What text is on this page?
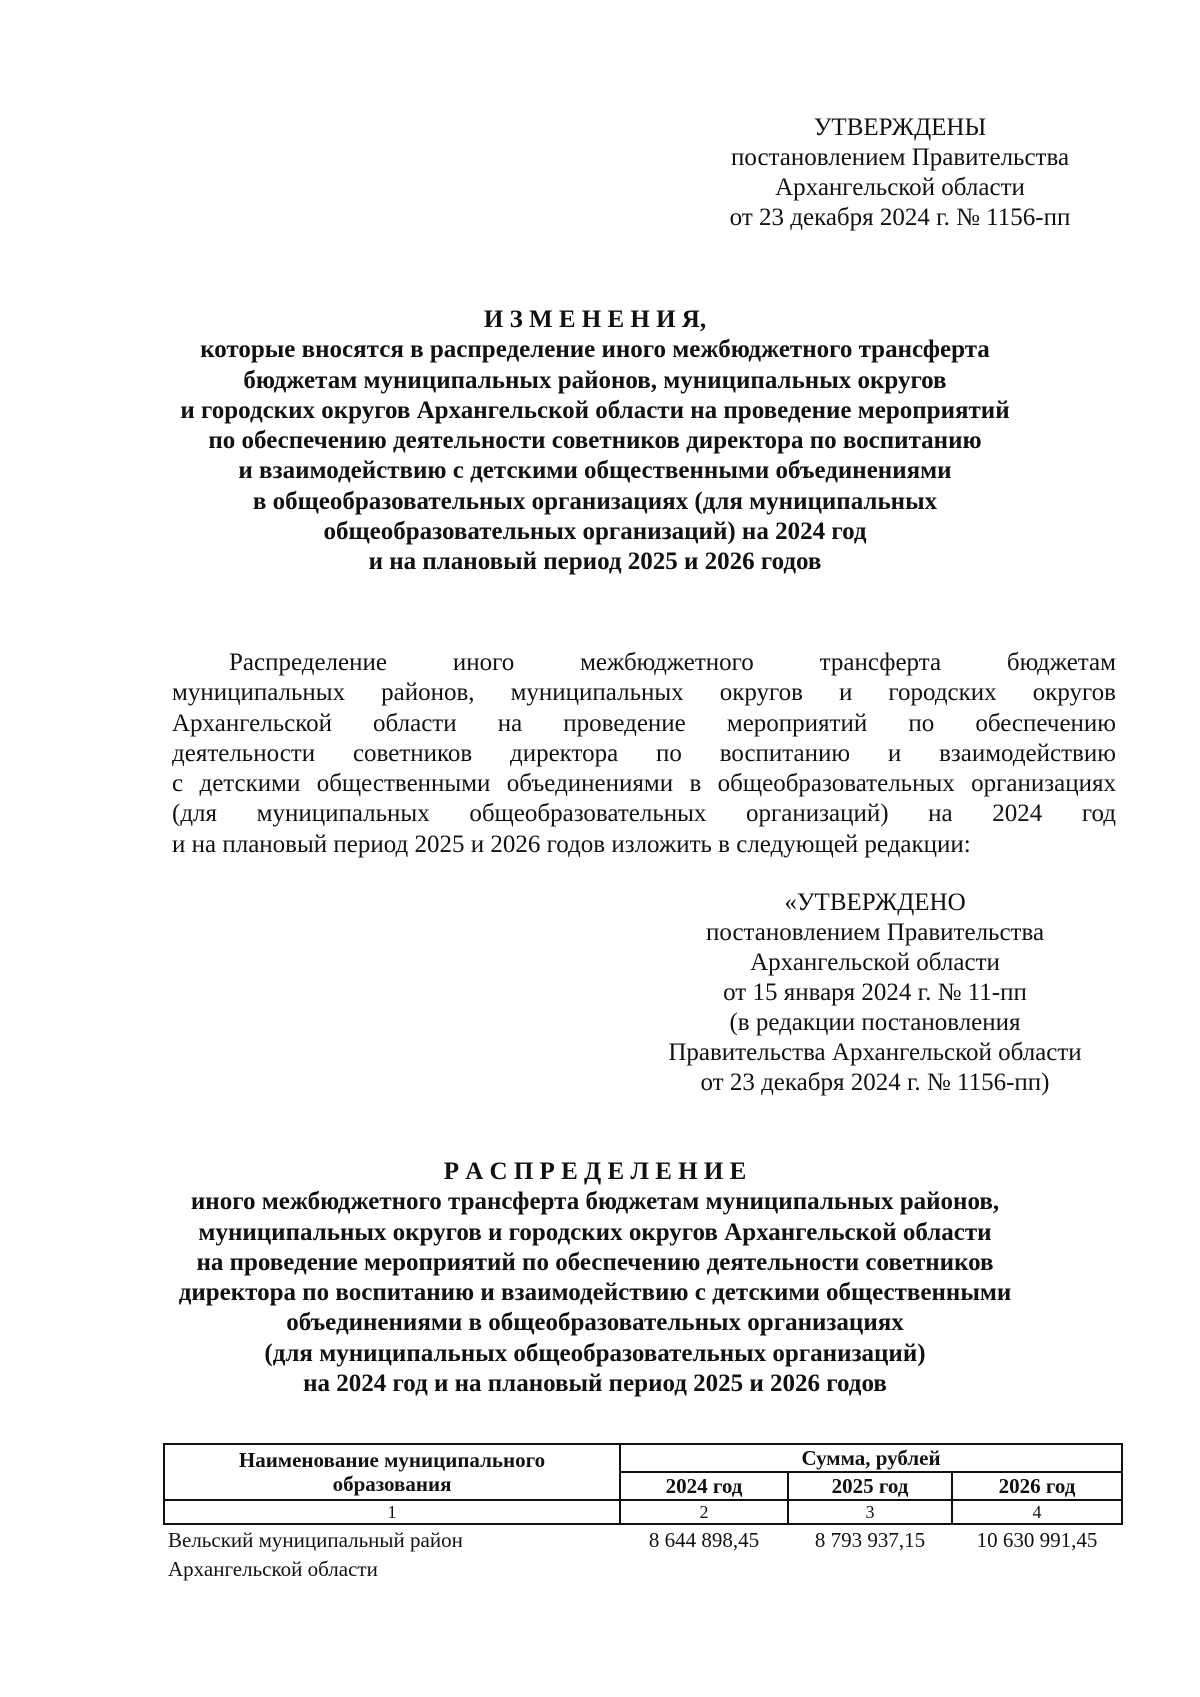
УТВЕРЖДЕНЫ
постановлением Правительства
Архангельской области
от 23 декабря 2024 г. № 1156-пп
И З М Е Н Е Н И Я,
которые вносятся в распределение иного межбюджетного трансферта
бюджетам муниципальных районов, муниципальных округов
и городских округов Архангельской области на проведение мероприятий
по обеспечению деятельности советников директора по воспитанию
и взаимодействию с детскими общественными объединениями
в общеобразовательных организациях (для муниципальных
общеобразовательных организаций) на 2024 год
и на плановый период 2025 и 2026 годов
Распределение	иного	межбюджетного	трансферта	бюджетам
муниципальных районов, муниципальных округов и городских округов
Архангельской области на проведение мероприятий по обеспечению
деятельности советников директора по воспитанию и взаимодействию
с детскими общественными объединениями в общеобразовательных организациях
(для муниципальных общеобразовательных организаций) на 2024 год
и на плановый период 2025 и 2026 годов изложить в следующей редакции:
«УТВЕРЖДЕНО
постановлением Правительства
Архангельской области
от 15 января 2024 г. № 11-пп
(в редакции постановления
Правительства Архангельской области
от 23 декабря 2024 г. № 1156-пп)
Р А С П Р Е Д Е Л Е Н И Е
иного межбюджетного трансферта бюджетам муниципальных районов,
муниципальных округов и городских округов Архангельской области
на проведение мероприятий по обеспечению деятельности советников
директора по воспитанию и взаимодействию с детскими общественными
объединениями в общеобразовательных организациях
(для муниципальных общеобразовательных организаций)
на 2024 год и на плановый период 2025 и 2026 годов
Наименование муниципального
образования	Сумма, рублей		
	2024 год	2025 год	2026 год
1	2	3	4

Вельский муниципальный район
Архангельской области	8 644 898,45	8 793 937,15	10 630 991,45
